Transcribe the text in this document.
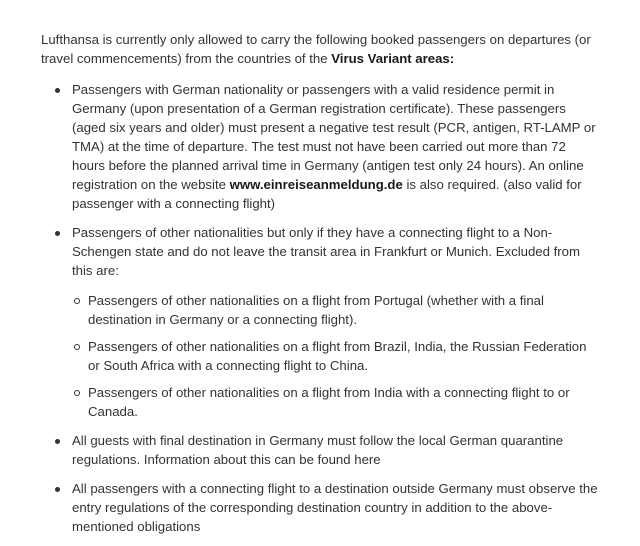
Lufthansa is currently only allowed to carry the following booked passengers on departures (or travel commencements) from the countries of the Virus Variant areas:

Passengers with German nationality or passengers with a valid residence permit in Germany (upon presentation of a German registration certificate). These passengers (aged six years and older) must present a negative test result (PCR, antigen, RT-LAMP or TMA) at the time of departure. The test must not have been carried out more than 72 hours before the planned arrival time in Germany (antigen test only 24 hours). An online registration on the website www.einreiseanmeldung.de is also required. (also valid for passenger with a connecting flight)
Passengers of other nationalities but only if they have a connecting flight to a Non-Schengen state and do not leave the transit area in Frankfurt or Munich. Excluded from this are:
Passengers of other nationalities on a flight from Portugal (whether with a final destination in Germany or a connecting flight).
Passengers of other nationalities on a flight from Brazil, India, the Russian Federation or South Africa with a connecting flight to China.
Passengers of other nationalities on a flight from India with a connecting flight to or Canada.
All guests with final destination in Germany must follow the local German quarantine regulations. Information about this can be found here
All passengers with a connecting flight to a destination outside Germany must observe the entry regulations of the corresponding destination country in addition to the above-mentioned obligations
